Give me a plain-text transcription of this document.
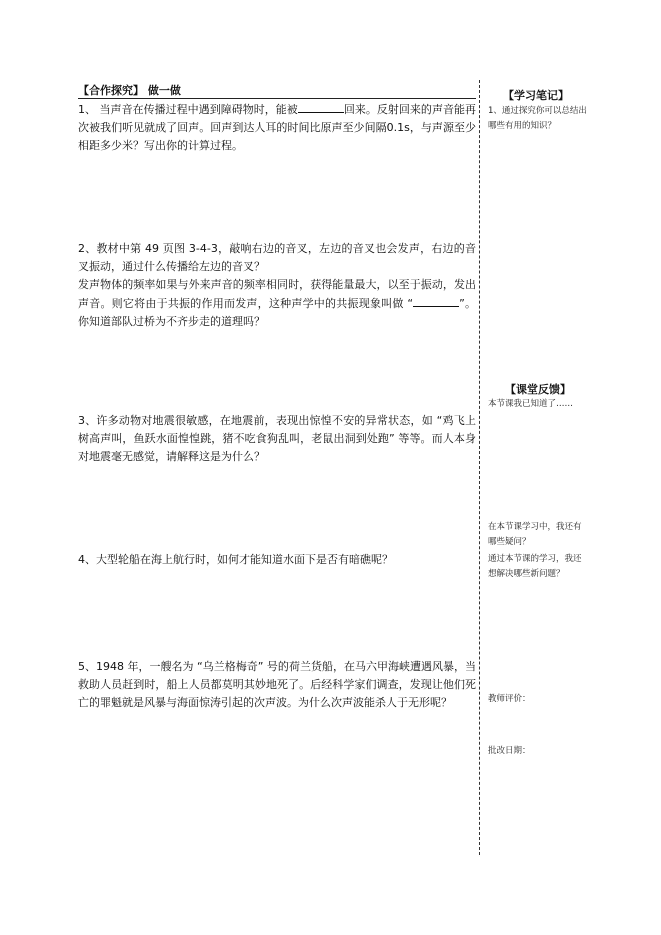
【合作探究】 做一做

1、 当声音在传播过程中遇到障碍物时，能被	回来。反射回来的声音能再次被我们听见就成了回声。回声到达人耳的时间比原声至少间隔0.1s，与声源至少相距多少米？写出你的计算过程。

2、教材中第 49 页图 3-4-3，敲响右边的音叉，左边的音叉也会发声，右边的音叉振动，通过什么传播给左边的音叉？

发声物体的频率如果与外来声音的频率相同时，获得能量最大，以至于振动，发出声音。则它将由于共振的作用而发声，这种声学中的共振现象叫做 “	”。你知道部队过桥为不齐步走的道理吗？

3、许多动物对地震很敏感，在地震前，表现出惊惶不安的异常状态，如 “鸡飞上树高声叫，鱼跃水面惶惶跳，猪不吃食狗乱叫，老鼠出洞到处跑” 等等。而人本身对地震毫无感觉，请解释这是为什么？

4、大型轮船在海上航行时，如何才能知道水面下是否有暗礁呢？

5、1948 年，一艘名为 “乌兰格梅奇” 号的荷兰货船，在马六甲海峡遭遇风暴，当救助人员赶到时，船上人员都莫明其妙地死了。后经科学家们调查，发现让他们死亡的罪魁就是风暴与海面惊涛引起的次声波。为什么次声波能杀人于无形呢？

【学习笔记】
1、通过探究你可以总结出哪些有用的知识？
【课堂反馈】
本节课我已知道了……
在本节课学习中，我还有哪些疑问？
通过本节课的学习，我还想解决哪些新问题？
教师评价：
批改日期：
